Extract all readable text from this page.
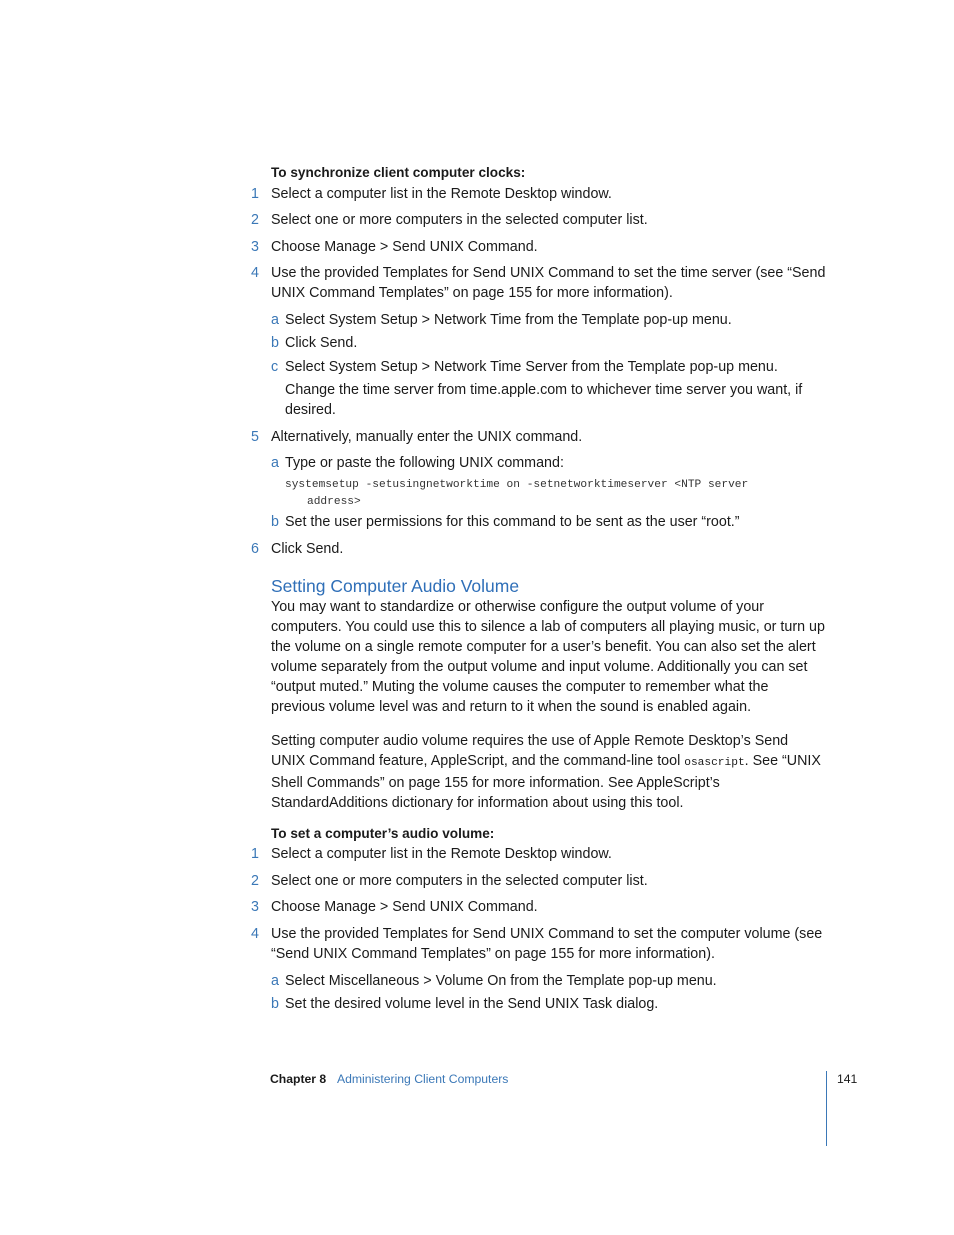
To synchronize client computer clocks:
1 Select a computer list in the Remote Desktop window.
2 Select one or more computers in the selected computer list.
3 Choose Manage > Send UNIX Command.
4 Use the provided Templates for Send UNIX Command to set the time server (see “Send UNIX Command Templates” on page 155 for more information).
a Select System Setup > Network Time from the Template pop-up menu.
b Click Send.
c Select System Setup > Network Time Server from the Template pop-up menu.
Change the time server from time.apple.com to whichever time server you want, if desired.
5 Alternatively, manually enter the UNIX command.
a Type or paste the following UNIX command:
systemsetup -setusingnetworktime on -setnetworktimeserver <NTP server
address>
b Set the user permissions for this command to be sent as the user “root.”
6 Click Send.
Setting Computer Audio Volume
You may want to standardize or otherwise configure the output volume of your computers. You could use this to silence a lab of computers all playing music, or turn up the volume on a single remote computer for a user’s benefit. You can also set the alert volume separately from the output volume and input volume. Additionally you can set “output muted.” Muting the volume causes the computer to remember what the previous volume level was and return to it when the sound is enabled again.
Setting computer audio volume requires the use of Apple Remote Desktop’s Send UNIX Command feature, AppleScript, and the command-line tool osascript. See “UNIX Shell Commands” on page 155 for more information. See AppleScript’s StandardAdditions dictionary for information about using this tool.
To set a computer’s audio volume:
1 Select a computer list in the Remote Desktop window.
2 Select one or more computers in the selected computer list.
3 Choose Manage > Send UNIX Command.
4 Use the provided Templates for Send UNIX Command to set the computer volume (see “Send UNIX Command Templates” on page 155 for more information).
a Select Miscellaneous > Volume On from the Template pop-up menu.
b Set the desired volume level in the Send UNIX Task dialog.
Chapter 8 Administering Client Computers	141
